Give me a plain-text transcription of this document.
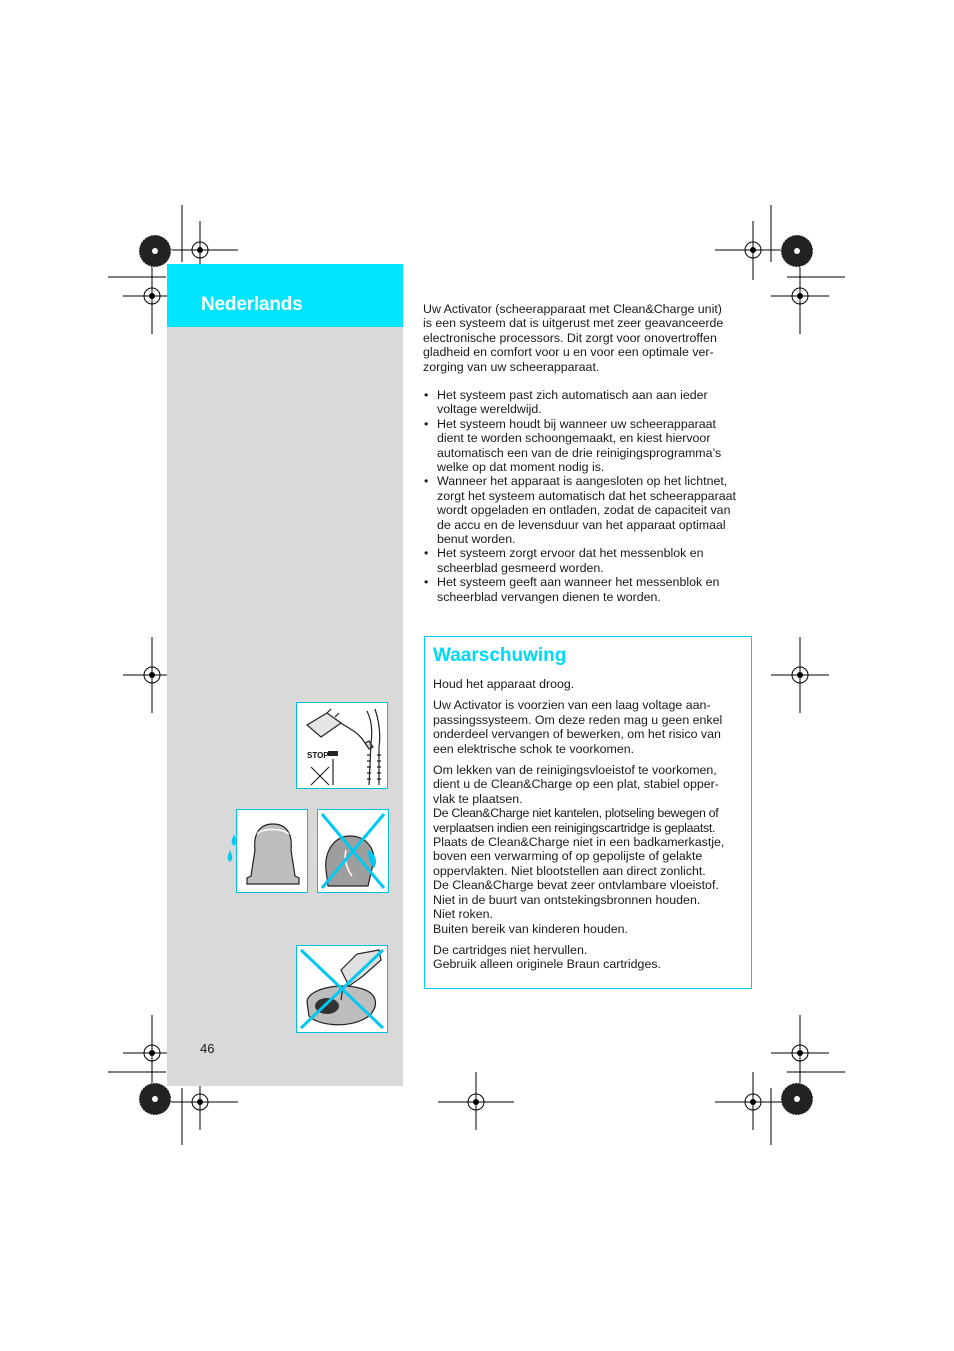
Nederlands
STOP
46

Uw Activator (scheerapparaat met Clean&Charge unit)
is een systeem dat is uitgerust met zeer geavanceerde
electronische processors. Dit zorgt voor onovertroffen
gladheid en comfort voor u en voor een optimale ver-
zorging van uw scheerapparaat.

• Het systeem past zich automatisch aan aan ieder
voltage wereldwijd.
• Het systeem houdt bij wanneer uw scheerapparaat
dient te worden schoongemaakt, en kiest hiervoor
automatisch een van de drie reinigingsprogramma’s
welke op dat moment nodig is.
• Wanneer het apparaat is aangesloten op het lichtnet,
zorgt het systeem automatisch dat het scheerapparaat
wordt opgeladen en ontladen, zodat de capaciteit van
de accu en de levensduur van het apparaat optimaal
benut worden.
• Het systeem zorgt ervoor dat het messenblok en
scheerblad gesmeerd worden.
• Het systeem geeft aan wanneer het messenblok en
scheerblad vervangen dienen te worden.
Waarschuwing

Houd het apparaat droog.

Uw Activator is voorzien van een laag voltage aan-
passingssysteem. Om deze reden mag u geen enkel
onderdeel vervangen of bewerken, om het risico van
een elektrische schok te voorkomen.

Om lekken van de reinigingsvloeistof te voorkomen,
dient u de Clean&Charge op een plat, stabiel opper-
vlak te plaatsen.
De Clean&Charge niet kantelen, plotseling bewegen of
verplaatsen indien een reinigingscartridge is geplaatst.
Plaats de Clean&Charge niet in een badkamerkastje,
boven een verwarming of op gepolijste of gelakte
oppervlakten. Niet blootstellen aan direct zonlicht.
De Clean&Charge bevat zeer ontvlambare vloeistof.
Niet in de buurt van ontstekingsbronnen houden.
Niet roken.
Buiten bereik van kinderen houden.

De cartridges niet hervullen.
Gebruik alleen originele Braun cartridges.
